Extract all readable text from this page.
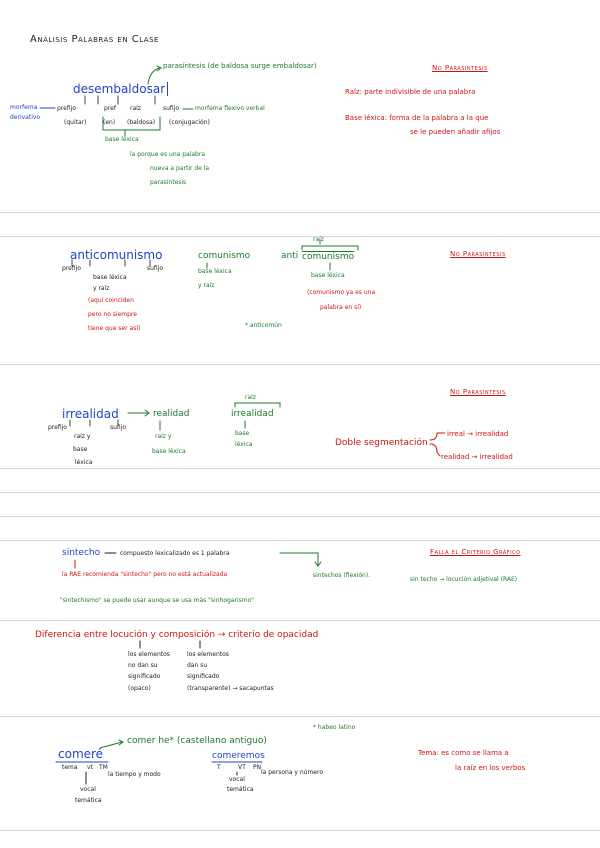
Análisis Palabras en Clase
parasíntesis (de baldosa surge embaldosar)	No Parasíntesis
desembaldosar	Raíz: parte indivisible de una palabra
morfema
derivativo
prefijo	pref raíz	sufijo	morfema flexivo verbal
Base léxica: forma de la palabra a la que
se le pueden añadir afijos
(quitar)	(en) (baldosa) (conjugación)
base léxica
la porque es una palabra
nueva a partir de la
parasíntesis
raíz
No Parasíntesis
anticomunismo	comunismo	anti comunismo
prefijo	sufijo	base léxica
base léxica
base léxica
y raíz
y raíz
(comunismo ya es una
(aquí coinciden
palabra en sí)
pero no siempre
* anticomún
tiene que ser así)
No Parasíntesis
raíz
irrealidad	realidad	irrealidad
prefijo	sufijo
irreal → irrealidad
base
raíz y
raíz y
Doble segmentación
léxica
base	base léxica
realidad → irrealidad
léxica
sintecho	compuesto lexicalizado es 1 palabra	Falla el Criterio Gráfico
la RAE recomienda "sintecho" pero no está actualizada	sintechos (flexión).
sin techo → locución adjetival (RAE)
"sintechismo" se puede usar aunque se usa más "sinhogarismo"
Diferencia entre locución y composición → criterio de opacidad
los elementos	los elementos
no dan su	dan su
significado	significado
(opaco)	(transparente) → sacapuntas
* habeo latino
comer he* (castellano antiguo)
comeré	comeremos	Tema: es como se llama a
tema vt TM	T	VT PN	la raíz en los verbos
la tiempo y modo	la persona y número
vocal
temática
vocal
temática
